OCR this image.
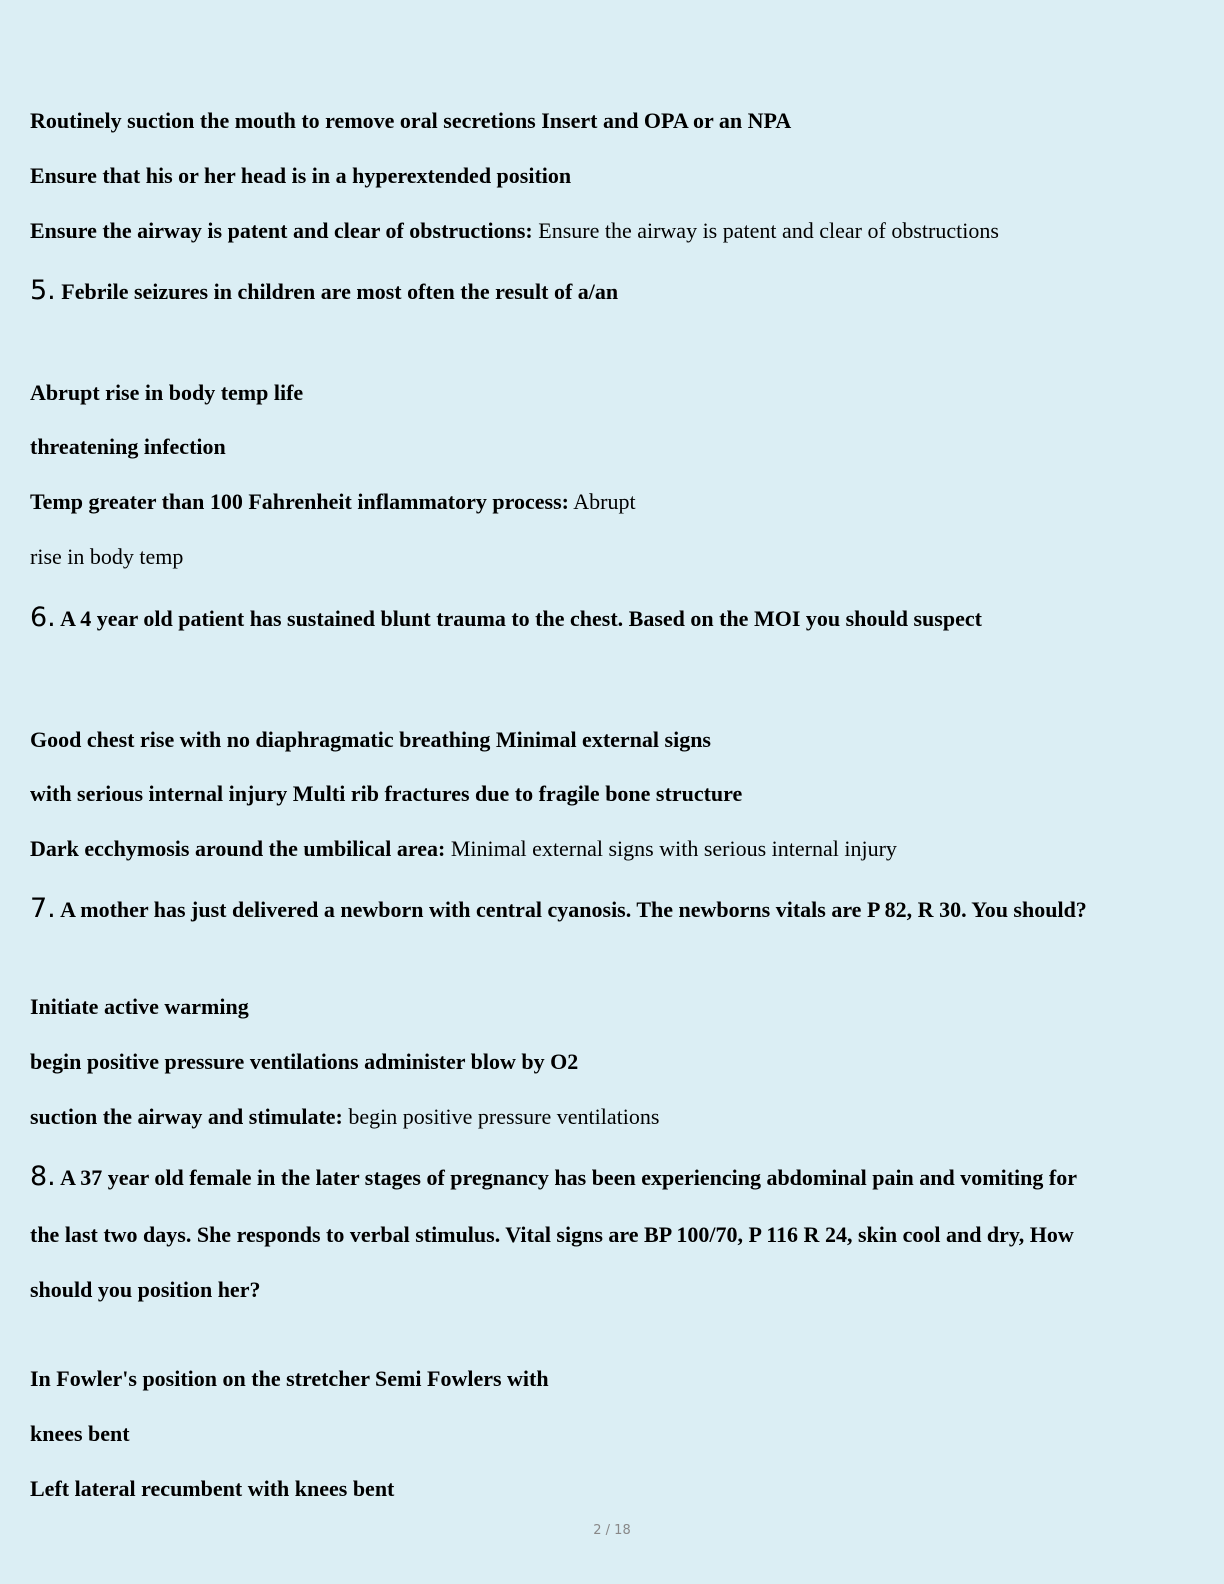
Routinely suction the mouth to remove oral secretions Insert and OPA or an NPA
Ensure that his or her head is in a hyperextended position
Ensure the airway is patent and clear of obstructions: Ensure the airway is patent and clear of obstructions
5. Febrile seizures in children are most often the result of a/an
Abrupt rise in body temp life
threatening infection
Temp greater than 100 Fahrenheit inflammatory process: Abrupt
rise in body temp
6. A 4 year old patient has sustained blunt trauma to the chest. Based on the MOI you should suspect
Good chest rise with no diaphragmatic breathing Minimal external signs
with serious internal injury Multi rib fractures due to fragile bone structure
Dark ecchymosis around the umbilical area: Minimal external signs with serious internal injury
7. A mother has just delivered a newborn with central cyanosis. The newborns vitals are P 82, R 30. You should?
Initiate active warming
begin positive pressure ventilations administer blow by O2
suction the airway and stimulate: begin positive pressure ventilations
8. A 37 year old female in the later stages of pregnancy has been experiencing abdominal pain and vomiting for
the last two days. She responds to verbal stimulus. Vital signs are BP 100/70, P 116 R 24, skin cool and dry, How
should you position her?
In Fowler's position on the stretcher Semi Fowlers with
knees bent
Left lateral recumbent with knees bent
2 / 18
